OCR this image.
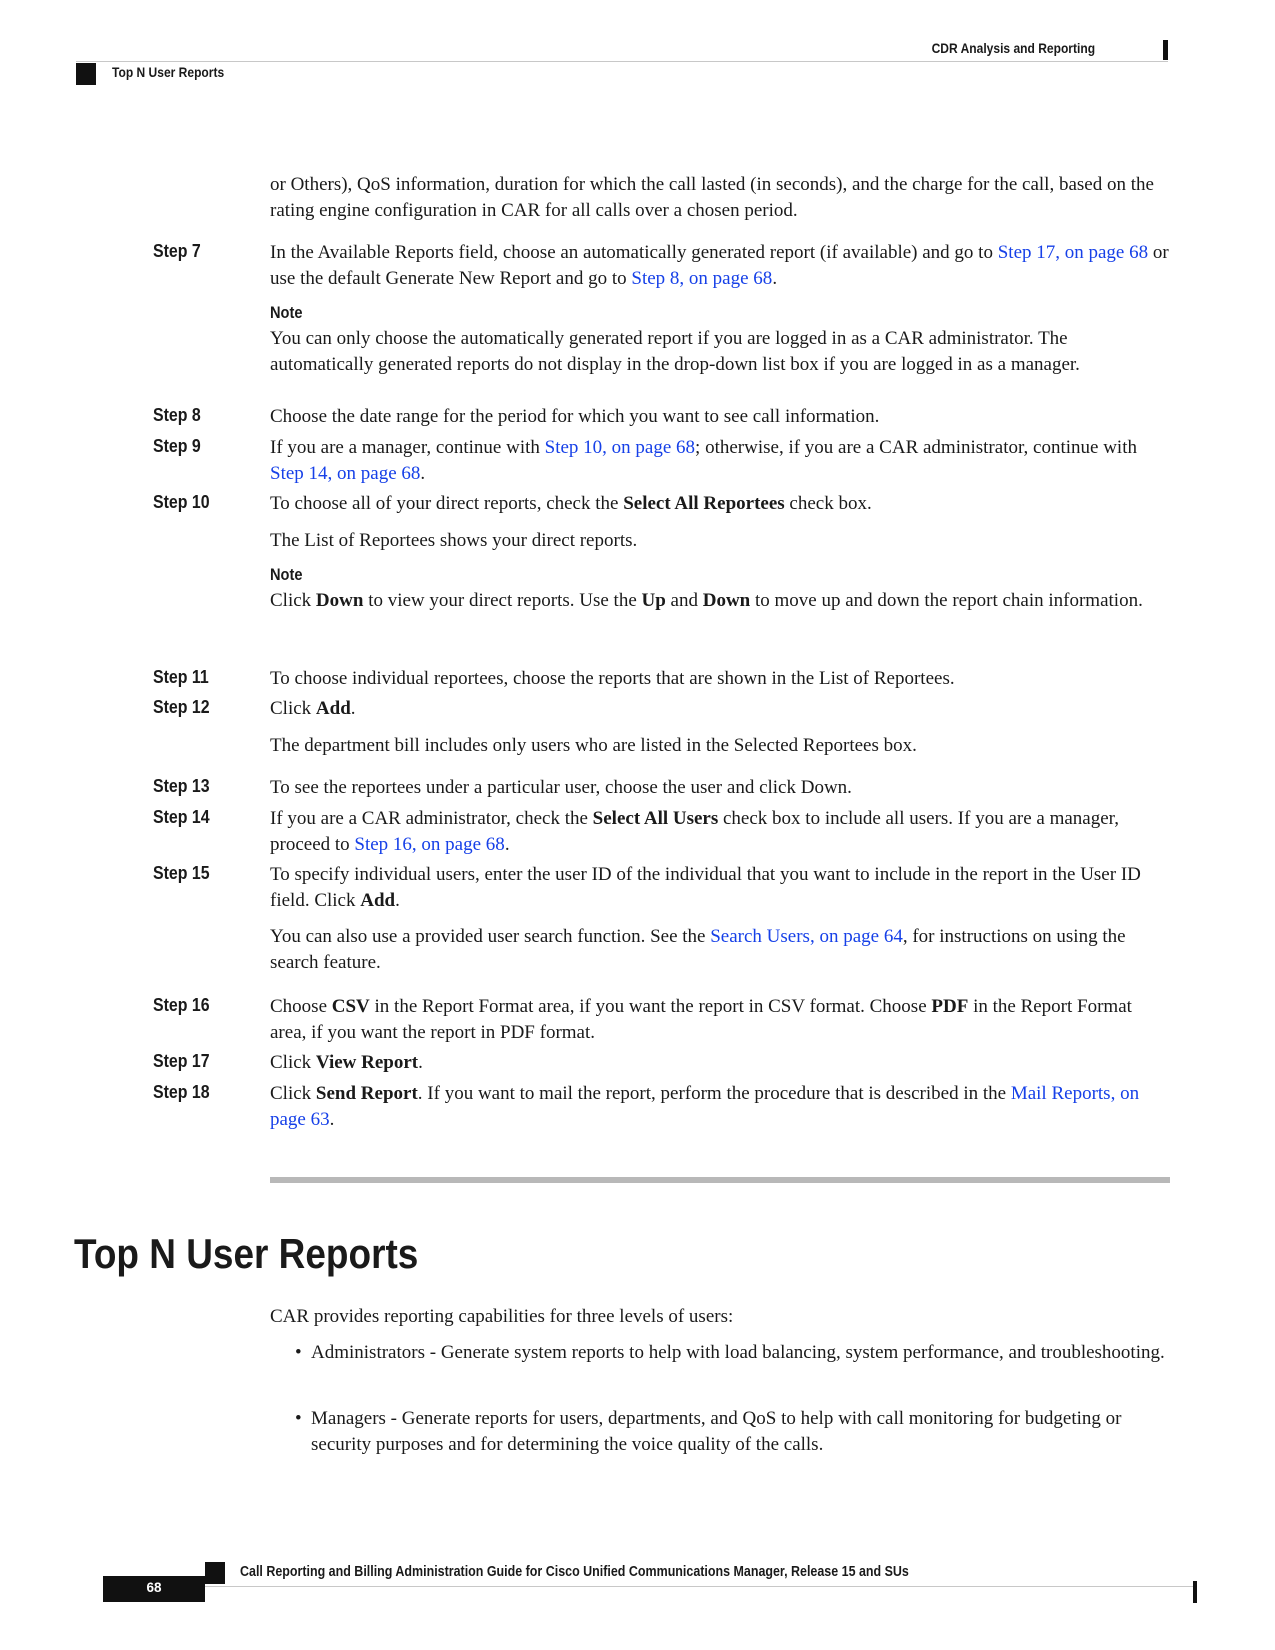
CDR Analysis and Reporting
Top N User Reports
or Others), QoS information, duration for which the call lasted (in seconds), and the charge for the call, based on the rating engine configuration in CAR for all calls over a chosen period.
Step 7	In the Available Reports field, choose an automatically generated report (if available) and go to Step 17, on page 68 or use the default Generate New Report and go to Step 8, on page 68.
Note
You can only choose the automatically generated report if you are logged in as a CAR administrator. The automatically generated reports do not display in the drop-down list box if you are logged in as a manager.
Step 8	Choose the date range for the period for which you want to see call information.
Step 9	If you are a manager, continue with Step 10, on page 68; otherwise, if you are a CAR administrator, continue with Step 14, on page 68.
Step 10	To choose all of your direct reports, check the Select All Reportees check box.
The List of Reportees shows your direct reports.
Note
Click Down to view your direct reports. Use the Up and Down to move up and down the report chain information.
Step 11	To choose individual reportees, choose the reports that are shown in the List of Reportees.
Step 12	Click Add.
The department bill includes only users who are listed in the Selected Reportees box.
Step 13	To see the reportees under a particular user, choose the user and click Down.
Step 14	If you are a CAR administrator, check the Select All Users check box to include all users. If you are a manager, proceed to Step 16, on page 68.
Step 15	To specify individual users, enter the user ID of the individual that you want to include in the report in the User ID field. Click Add.
You can also use a provided user search function. See the Search Users, on page 64, for instructions on using the search feature.
Step 16	Choose CSV in the Report Format area, if you want the report in CSV format. Choose PDF in the Report Format area, if you want the report in PDF format.
Step 17	Click View Report.
Step 18	Click Send Report. If you want to mail the report, perform the procedure that is described in the Mail Reports, on page 63.
Top N User Reports
CAR provides reporting capabilities for three levels of users:
• Administrators - Generate system reports to help with load balancing, system performance, and troubleshooting.
• Managers - Generate reports for users, departments, and QoS to help with call monitoring for budgeting or security purposes and for determining the voice quality of the calls.
Call Reporting and Billing Administration Guide for Cisco Unified Communications Manager, Release 15 and SUs
68
